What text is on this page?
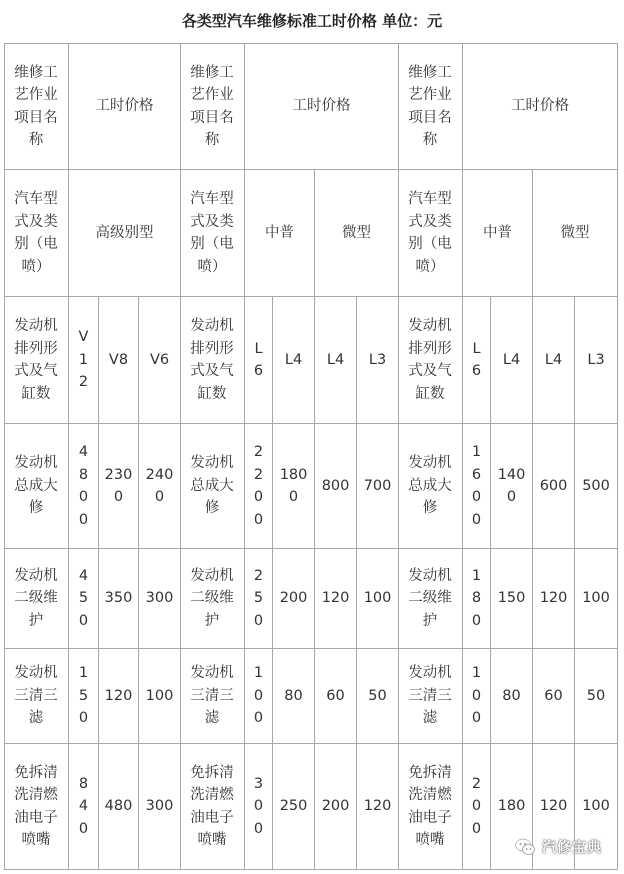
各类型汽车维修标准工时价格 单位：元
维修工艺作业项目名称	工时价格			维修工艺作业项目名称	工时价格				维修工艺作业项目名称	工时价格			
汽车型式及类别（电喷）	高级别型			汽车型式及类别（电喷）	中普		微型		汽车型式及类别（电喷）	中普		微型	
发动机排列形式及气缸数	V12	V8	V6	发动机排列形式及气缸数	L6	L4	L4	L3	发动机排列形式及气缸数	L6	L4	L4	L3
发动机总成大修	4800	2300	2400	发动机总成大修	2200	1800	800	700	发动机总成大修	1600	1400	600	500
发动机二级维护	450	350	300	发动机二级维护	250	200	120	100	发动机二级维护	180	150	120	100
发动机三清三滤	150	120	100	发动机三清三滤	100	80	60	50	发动机三清三滤	100	80	60	50
免拆清洗清燃油电子喷嘴	840	480	300	免拆清洗清燃油电子喷嘴	300	250	200	120	免拆清洗清燃油电子喷嘴	200	180	120	100
汽修宝典
